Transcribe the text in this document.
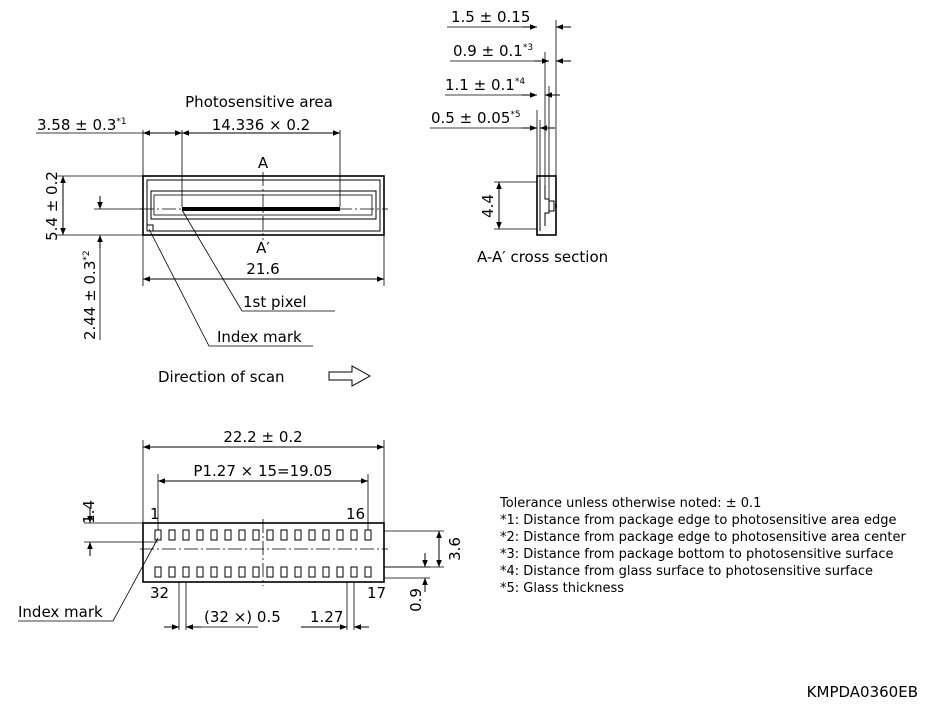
Photosensitive area
$3.58 \pm 0.3^{*1}$	14.336 × 0.2
A
A′
21.6
5.4 ± 0.2
$2.44 \pm 0.3^{*2}$
1st pixel
Index mark
Direction of scan
1.5 ± 0.15
$0.9 \pm 0.1^{*3}$
$1.1 \pm 0.1^{*4}$
$0.5 \pm 0.05^{*5}$
4.4
A-A′ cross section
22.2 ± 0.2
P1.27 × 15=19.05
1	16
32	17
1.4
3.6
0.9
(32 ×) 0.5 1.27
Index mark
Tolerance unless otherwise noted: ± 0.1
*1: Distance from package edge to photosensitive area edge
*2: Distance from package edge to photosensitive area center
*3: Distance from package bottom to photosensitive surface
*4: Distance from glass surface to photosensitive surface
*5: Glass thickness
KMPDA0360EB
